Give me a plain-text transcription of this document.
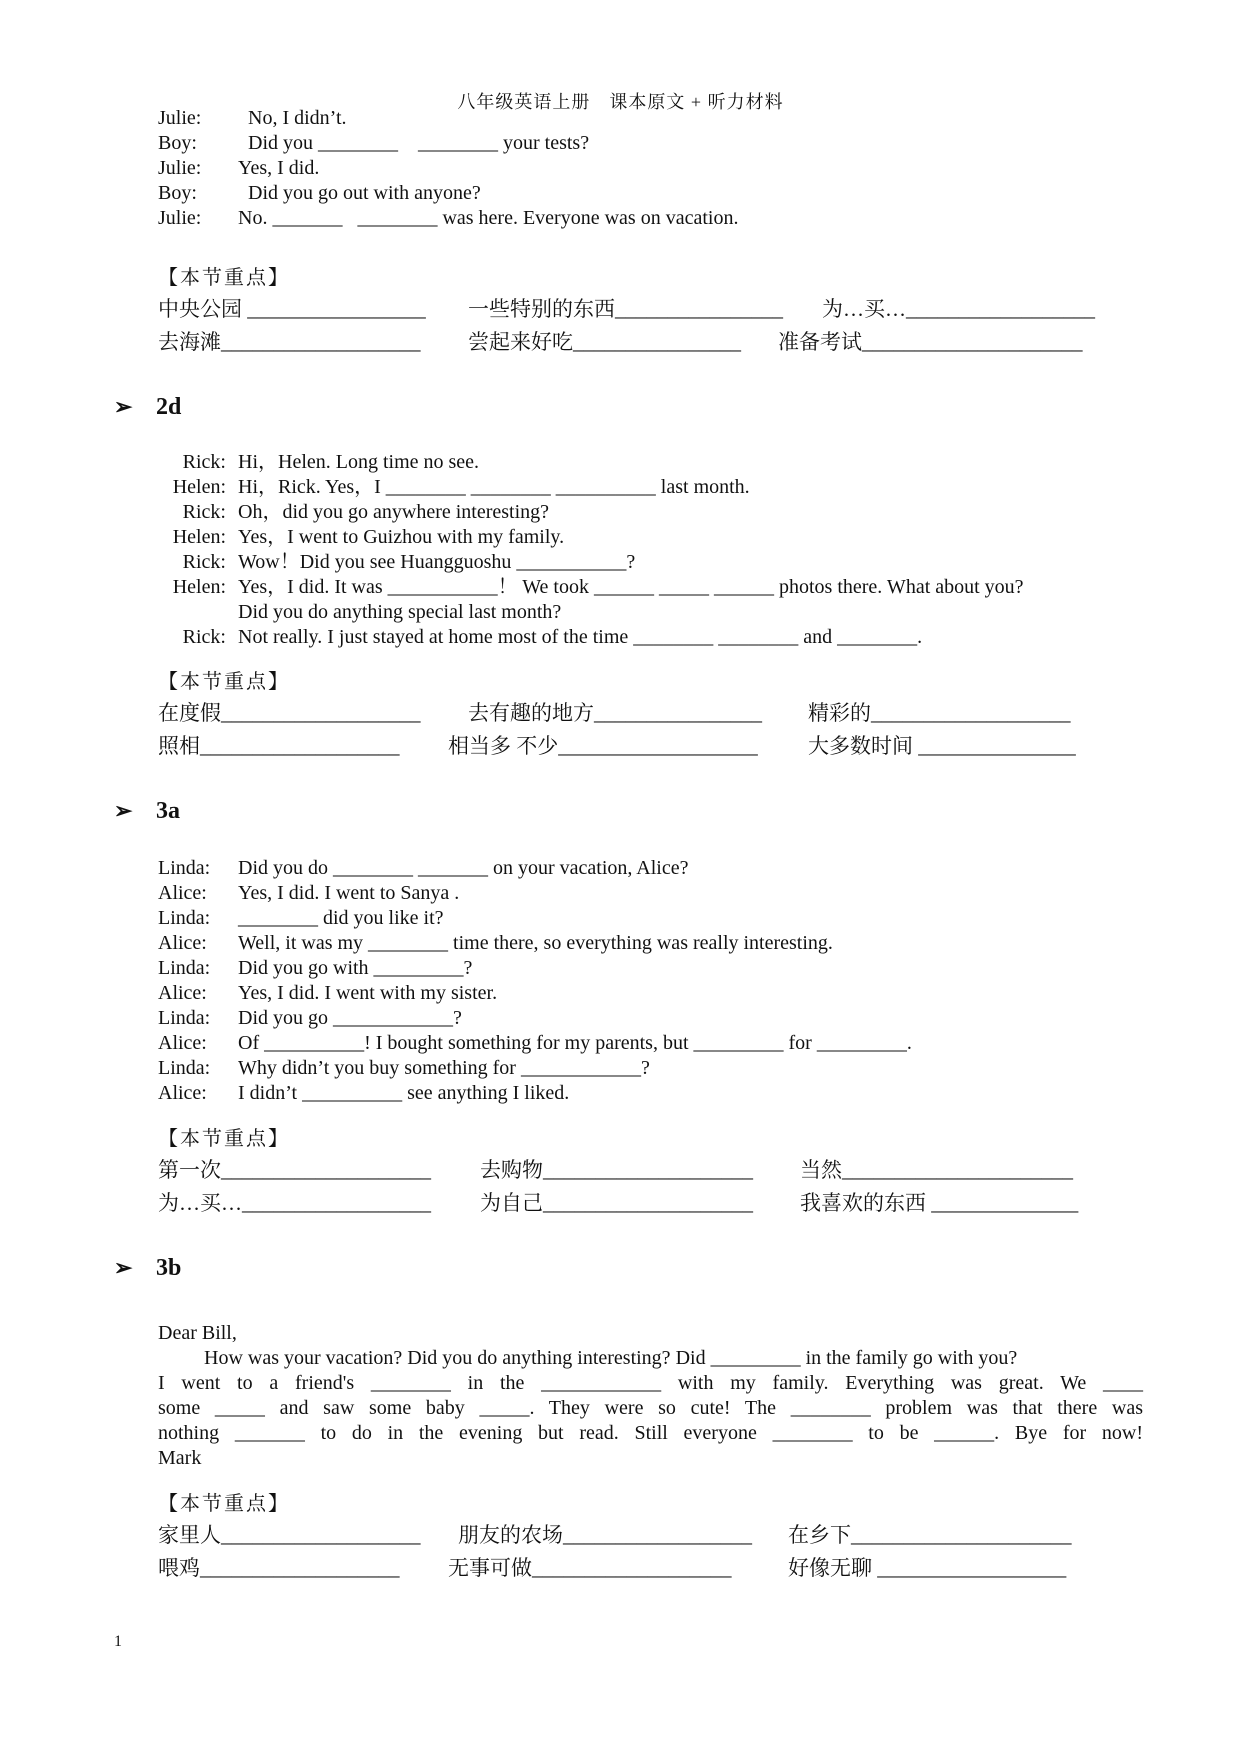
八年级英语上册　课本原文 + 听力材料
Julie:  No, I didn’t.
Boy:  Did you ________    ________ your tests?
Julie: Yes, I did.
Boy:  Did you go out with anyone?
Julie: No. _______   ________ was here. Everyone was on vacation.
【本节重点】

中央公园 _________________

一些特别的东西________________

为…买…__________________

去海滩___________________

尝起来好吃________________

准备考试_____________________

➢ 2d
Rick: Hi，Helen. Long time no see.
Helen: Hi，Rick. Yes，I ________ ________ __________ last month.
Rick: Oh，did you go anywhere interesting?
Helen: Yes，I went to Guizhou with my family.
Rick: Wow！Did you see Huangguoshu ___________?
Helen: Yes，I did. It was ___________！ We took ______ _____ ______ photos there. What about you?
Did you do anything special last month?
Rick: Not really. I just stayed at home most of the time ________ ________ and ________.
【本节重点】

在度假___________________

去有趣的地方________________

精彩的___________________

照相___________________

相当多 不少___________________

大多数时间 _______________

➢ 3a
Linda: Did you do ________ _______ on your vacation, Alice?
Alice: Yes, I did. I went to Sanya .
Linda: ________ did you like it?
Alice: Well, it was my ________ time there, so everything was really interesting.
Linda: Did you go with _________?
Alice: Yes, I did. I went with my sister.
Linda: Did you go ____________?
Alice: Of __________! I bought something for my parents, but _________ for _________.
Linda: Why didn’t you buy something for ____________?
Alice: I didn’t __________ see anything I liked.
【本节重点】

第一次____________________

去购物____________________

当然______________________

为…买…__________________

为自己____________________

我喜欢的东西 ______________

➢ 3b
Dear Bill,
How was your vacation? Did you do anything interesting? Did _________ in the family go with you?
I went to a friend's ________ in the ____________ with my family. Everything was great. We ____
some _____ and saw some baby _____. They were so cute! The ________ problem was that there was
nothing _______ to do in the evening but read. Still everyone ________ to be ______. Bye for now!
Mark
【本节重点】

家里人___________________

朋友的农场__________________

在乡下_____________________

喂鸡___________________

无事可做___________________

	好像无聊 __________________

1
